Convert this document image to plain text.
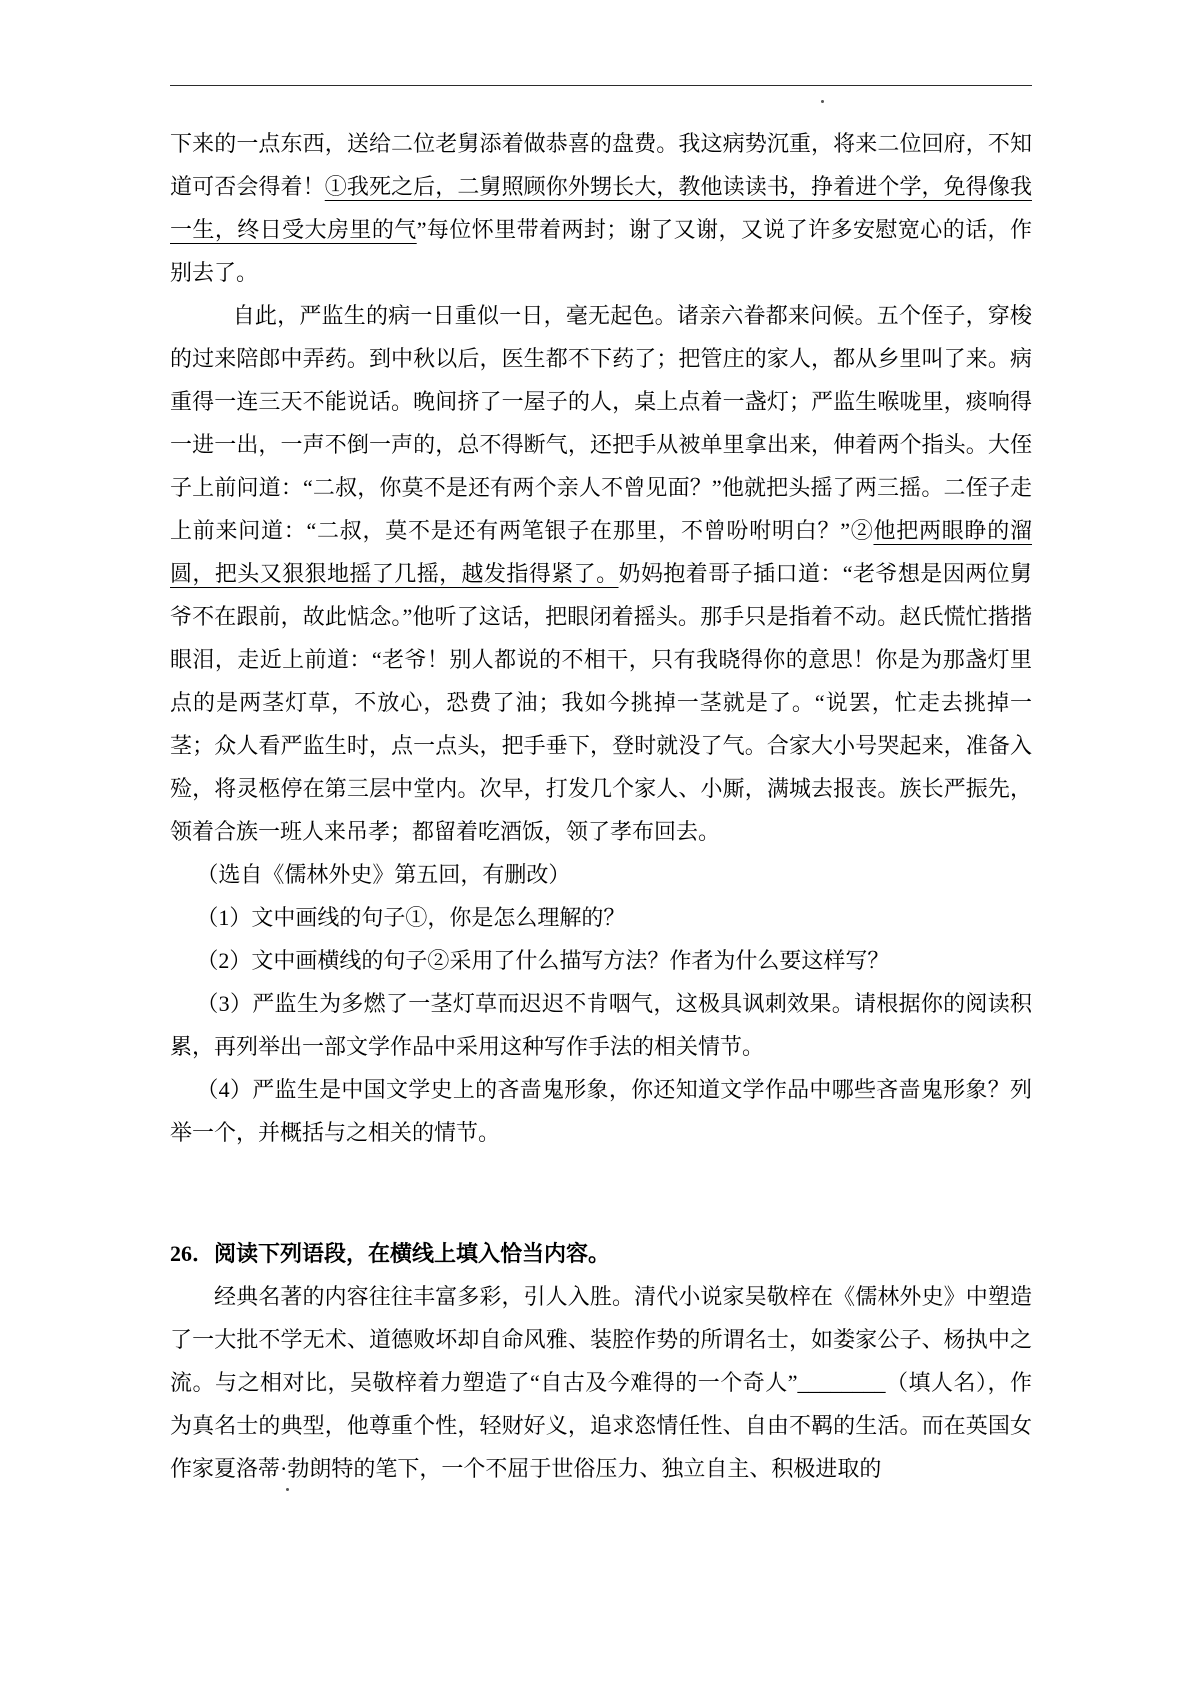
下来的一点东西，送给二位老舅添着做恭喜的盘费。我这病势沉重，将来二位回府，不知道可否会得着！①我死之后，二舅照顾你外甥长大，教他读读书，挣着进个学，免得像我一生，终日受大房里的气”每位怀里带着两封；谢了又谢，又说了许多安慰宽心的话，作别去了。

自此，严监生的病一日重似一日，毫无起色。诸亲六眷都来问候。五个侄子，穿梭的过来陪郎中弄药。到中秋以后，医生都不下药了；把管庄的家人，都从乡里叫了来。病重得一连三天不能说话。晚间挤了一屋子的人，桌上点着一盏灯；严监生喉咙里，痰响得一进一出，一声不倒一声的，总不得断气，还把手从被单里拿出来，伸着两个指头。大侄子上前问道：“二叔，你莫不是还有两个亲人不曾见面？”他就把头摇了两三摇。二侄子走上前来问道：“二叔，莫不是还有两笔银子在那里，不曾吩咐明白？”②他把两眼睁的溜圆，把头又狠狠地摇了几摇，越发指得紧了。奶妈抱着哥子插口道：“老爷想是因两位舅爷不在跟前，故此惦念。”他听了这话，把眼闭着摇头。那手只是指着不动。赵氏慌忙揩揩眼泪，走近上前道：“老爷！别人都说的不相干，只有我晓得你的意思！你是为那盏灯里点的是两茎灯草，不放心，恐费了油；我如今挑掉一茎就是了。“说罢，忙走去挑掉一茎；众人看严监生时，点一点头，把手垂下，登时就没了气。合家大小号哭起来，准备入殓，将灵柩停在第三层中堂内。次早，打发几个家人、小厮，满城去报丧。族长严振先，领着合族一班人来吊孝；都留着吃酒饭，领了孝布回去。

（选自《儒林外史》第五回，有删改）

（1）文中画线的句子①，你是怎么理解的？

（2）文中画横线的句子②采用了什么描写方法？作者为什么要这样写？

（3）严监生为多燃了一茎灯草而迟迟不肯咽气，这极具讽刺效果。请根据你的阅读积累，再列举出一部文学作品中采用这种写作手法的相关情节。

（4）严监生是中国文学史上的吝啬鬼形象，你还知道文学作品中哪些吝啬鬼形象？列举一个，并概括与之相关的情节。

26．阅读下列语段，在横线上填入恰当内容。

经典名著的内容往往丰富多彩，引人入胜。清代小说家吴敬梓在《儒林外史》中塑造了一大批不学无术、道德败坏却自命风雅、装腔作势的所谓名士，如娄家公子、杨执中之流。与之相对比，吴敬梓着力塑造了“自古及今难得的一个奇人”________（填人名），作为真名士的典型，他尊重个性，轻财好义，追求恣情任性、自由不羁的生活。而在英国女作家夏洛蒂·勃朗特的笔下，一个不屈于世俗压力、独立自主、积极进取的
